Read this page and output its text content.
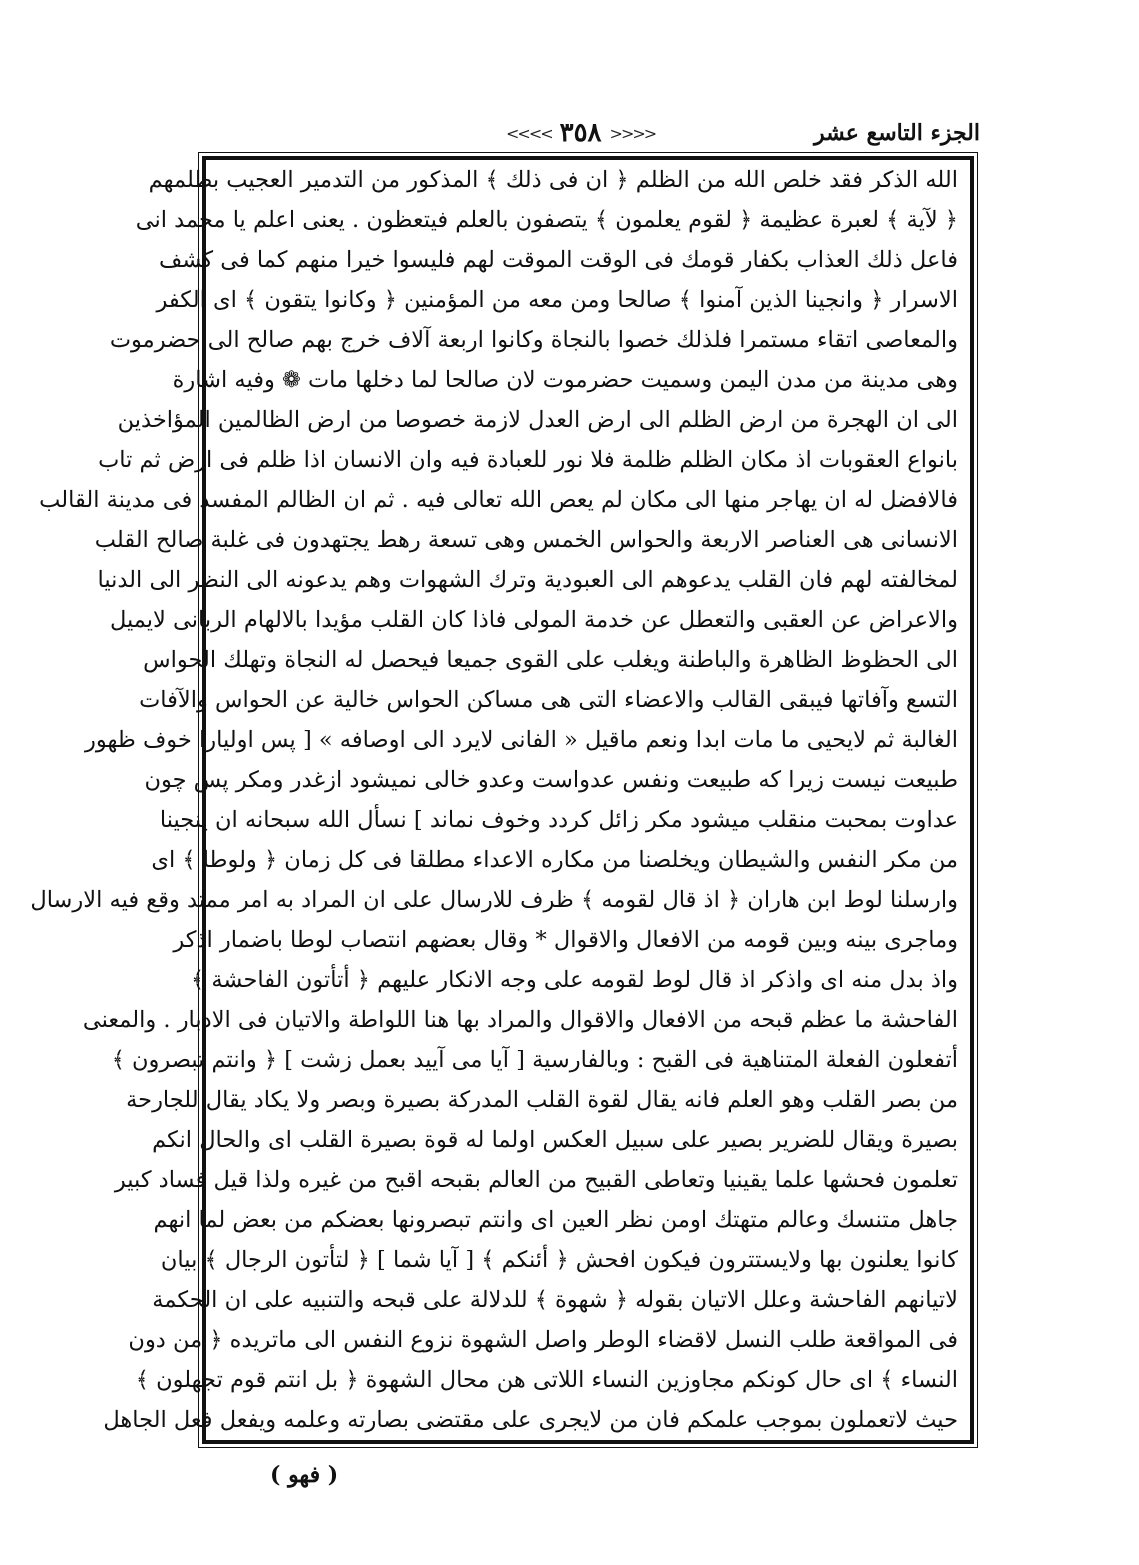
الجزء التاسع عشر
<<<< ٣٥٨ >>>>
الله الذكر فقد خلص الله من الظلم ﴿ ان فى ذلك ﴾ المذكور من التدمير العجيب بظلمهم
﴿ لآية ﴾ لعبرة عظيمة ﴿ لقوم يعلمون ﴾ يتصفون بالعلم فيتعظون . يعنى اعلم يا محمد انى
فاعل ذلك العذاب بكفار قومك فى الوقت الموقت لهم فليسوا خيرا منهم كما فى كشف
الاسرار ﴿ وانجينا الذين آمنوا ﴾ صالحا ومن معه من المؤمنين ﴿ وكانوا يتقون ﴾ اى الكفر
والمعاصى اتقاء مستمرا فلذلك خصوا بالنجاة وكانوا اربعة آلاف خرج بهم صالح الى حضرموت
وهى مدينة من مدن اليمن وسميت حضرموت لان صالحا لما دخلها مات ❁ وفيه اشارة
الى ان الهجرة من ارض الظلم الى ارض العدل لازمة خصوصا من ارض الظالمين المؤاخذين
بانواع العقوبات اذ مكان الظلم ظلمة فلا نور للعبادة فيه وان الانسان اذا ظلم فى ارض ثم تاب
فالافضل له ان يهاجر منها الى مكان لم يعص الله تعالى فيه . ثم ان الظالم المفسد فى مدينة القالب
الانسانى هى العناصر الاربعة والحواس الخمس وهى تسعة رهط يجتهدون فى غلبة صالح القلب
لمخالفته لهم فان القلب يدعوهم الى العبودية وترك الشهوات وهم يدعونه الى النظر الى الدنيا
والاعراض عن العقبى والتعطل عن خدمة المولى فاذا كان القلب مؤيدا بالالهام الربانى لايميل
الى الحظوظ الظاهرة والباطنة ويغلب على القوى جميعا فيحصل له النجاة وتهلك الحواس
التسع وآفاتها فيبقى القالب والاعضاء التى هى مساكن الحواس خالية عن الحواس والآفات
الغالبة ثم لايحيى ما مات ابدا ونعم ماقيل « الفانى لايرد الى اوصافه » [ پس اوليارا خوف ظهور
طبيعت نيست زيرا كه طبيعت ونفس عدواست وعدو خالى نميشود ازغدر ومكر پس چون
عداوت بمحبت منقلب ميشود مكر زائل كردد وخوف نماند ] نسأل الله سبحانه ان ينجينا
من مكر النفس والشيطان ويخلصنا من مكاره الاعداء مطلقا فى كل زمان ﴿ ولوطا ﴾ اى
وارسلنا لوط ابن هاران ﴿ اذ قال لقومه ﴾ ظرف للارسال على ان المراد به امر ممتد وقع فيه الارسال
وماجرى بينه وبين قومه من الافعال والاقوال * وقال بعضهم انتصاب لوطا باضمار اذكر
واذ بدل منه اى واذكر اذ قال لوط لقومه على وجه الانكار عليهم ﴿ أتأتون الفاحشة ﴾
الفاحشة ما عظم قبحه من الافعال والاقوال والمراد بها هنا اللواطة والاتيان فى الادبار . والمعنى
أتفعلون الفعلة المتناهية فى القبح : وبالفارسية [ آيا مى آييد بعمل زشت ] ﴿ وانتم تبصرون ﴾
من بصر القلب وهو العلم فانه يقال لقوة القلب المدركة بصيرة وبصر ولا يكاد يقال للجارحة
بصيرة ويقال للضرير بصير على سبيل العكس اولما له قوة بصيرة القلب اى والحال انكم
تعلمون فحشها علما يقينيا وتعاطى القبيح من العالم بقبحه اقبح من غيره ولذا قيل فساد كبير
جاهل متنسك وعالم متهتك اومن نظر العين اى وانتم تبصرونها بعضكم من بعض لما انهم
كانوا يعلنون بها ولايستترون فيكون افحش ﴿ أئنكم ﴾ [ آيا شما ] ﴿ لتأتون الرجال ﴾ بيان
لاتيانهم الفاحشة وعلل الاتيان بقوله ﴿ شهوة ﴾ للدلالة على قبحه والتنبيه على ان الحكمة
فى المواقعة طلب النسل لاقضاء الوطر واصل الشهوة نزوع النفس الى ماتريده ﴿ من دون
النساء ﴾ اى حال كونكم مجاوزين النساء اللاتى هن محال الشهوة ﴿ بل انتم قوم تجهلون ﴾
حيث لاتعملون بموجب علمكم فان من لايجرى على مقتضى بصارته وعلمه ويفعل فعل الجاهل
( فهو )
